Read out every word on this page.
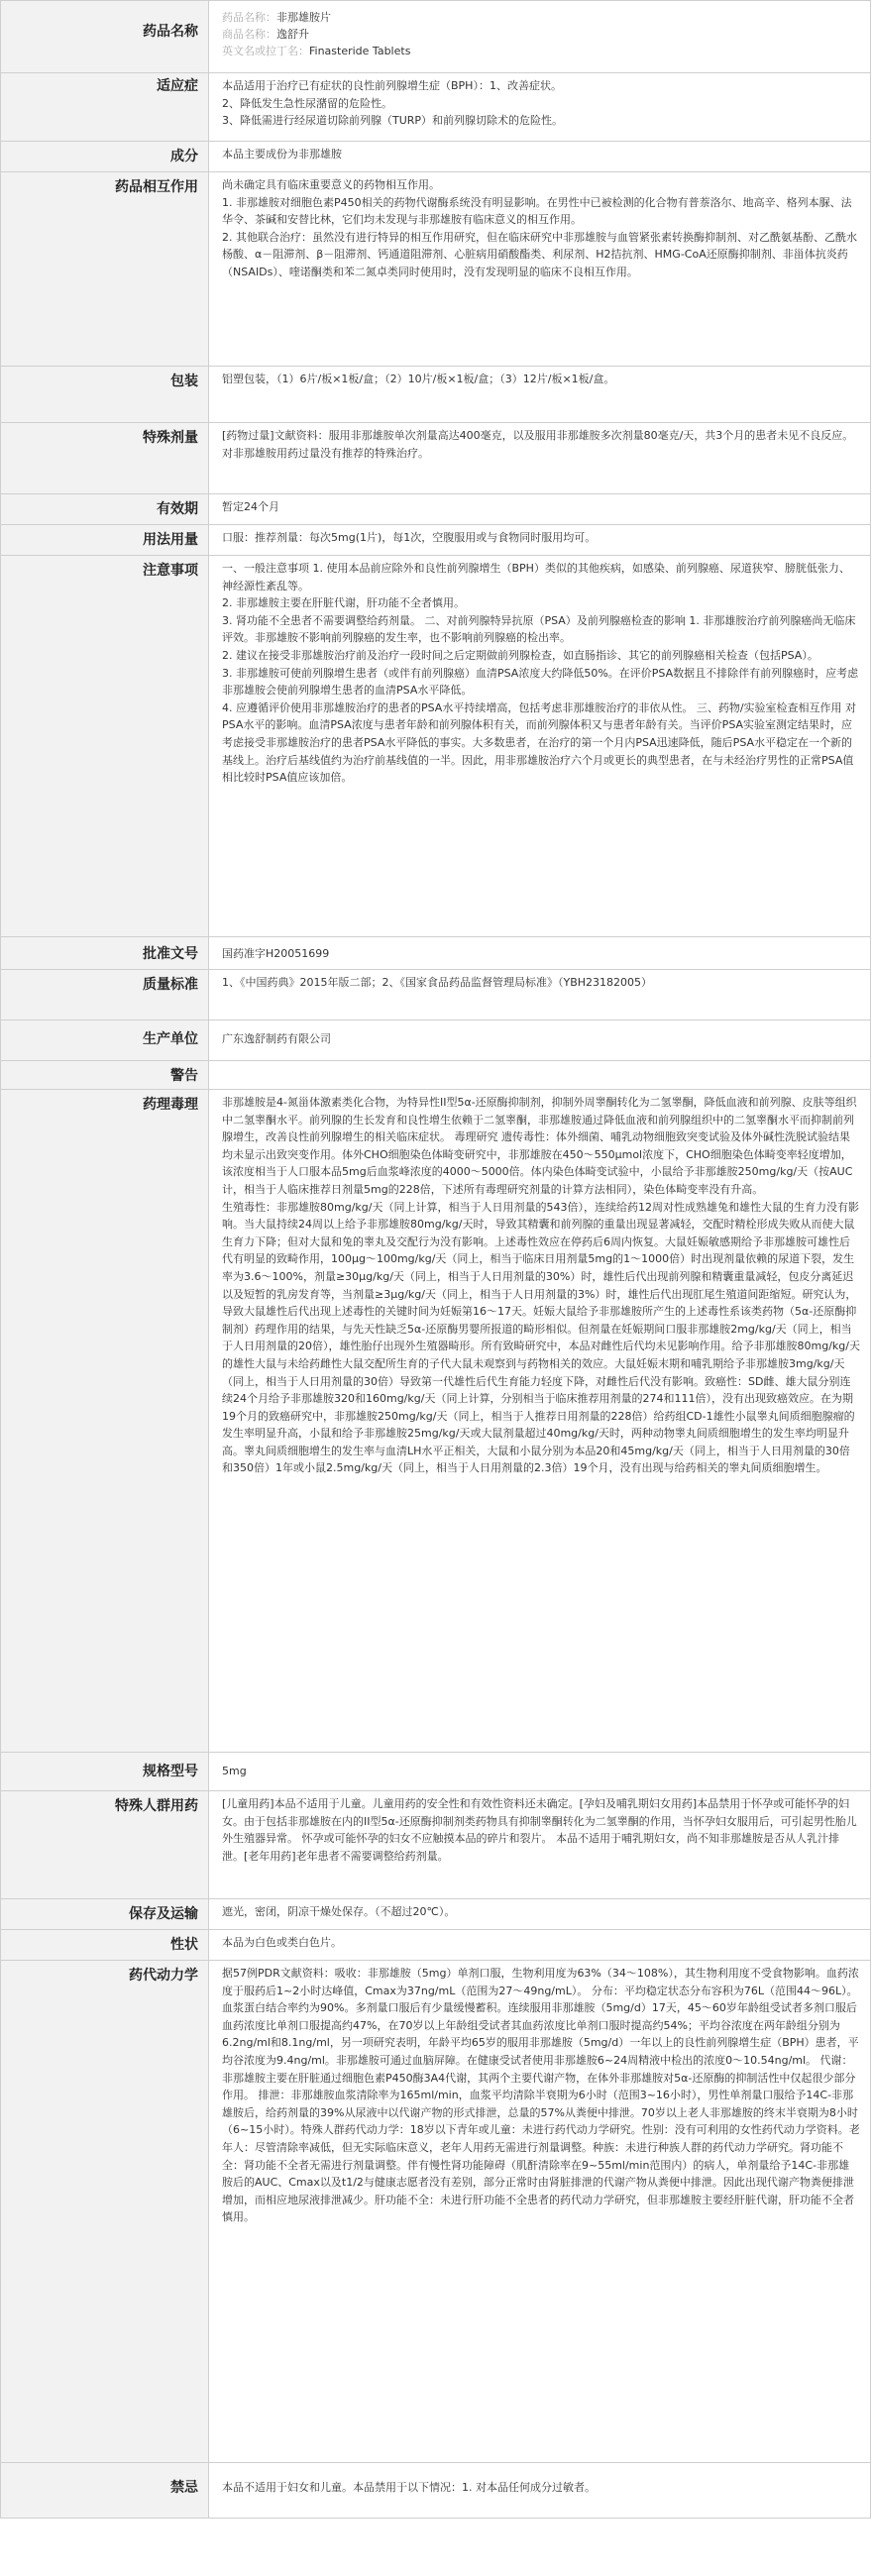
药品名称
药品名称：非那雄胺片
商品名称：逸舒升
英文名或拉丁名：Finasteride Tablets
适应症	本品适用于治疗已有症状的良性前列腺增生症（BPH）：1、改善症状。
2、降低发生急性尿潴留的危险性。
3、降低需进行经尿道切除前列腺（TURP）和前列腺切除术的危险性。

成分	本品主要成份为非那雄胺

药品相互作用	尚未确定具有临床重要意义的药物相互作用。
1. 非那雄胺对细胞色素P450相关的药物代谢酶系统没有明显影响。在男性中已被检测的化合物有普萘洛尔、地高辛、格列本脲、法华令、茶碱和安替比林，它们均未发现与非那雄胺有临床意义的相互作用。
2. 其他联合治疗：虽然没有进行特异的相互作用研究，但在临床研究中非那雄胺与血管紧张素转换酶抑制剂、对乙酰氨基酚、乙酰水杨酸、α－阻滞剂、β－阻滞剂、钙通道阻滞剂、心脏病用硝酸酯类、利尿剂、H2拮抗剂、HMG-CoA还原酶抑制剂、非甾体抗炎药（NSAIDs）、喹诺酮类和苯二氮卓类同时使用时，没有发现明显的临床不良相互作用。

包装	铝塑包装，（1）6片/板×1板/盒；（2）10片/板×1板/盒；（3）12片/板×1板/盒。

特殊剂量	[药物过量]文献资料：服用非那雄胺单次剂量高达400毫克，以及服用非那雄胺多次剂量80毫克/天，共3个月的患者未见不良反应。对非那雄胺用药过量没有推荐的特殊治疗。

有效期	暂定24个月

用法用量	口服：推荐剂量：每次5mg(1片)，每1次，空腹服用或与食物同时服用均可。

注意事项	一、一般注意事项 1. 使用本品前应除外和良性前列腺增生（BPH）类似的其他疾病，如感染、前列腺癌、尿道狭窄、膀胱低张力、神经源性紊乱等。
2. 非那雄胺主要在肝脏代谢，肝功能不全者慎用。
3. 肾功能不全患者不需要调整给药剂量。 二、对前列腺特异抗原（PSA）及前列腺癌检查的影响 1. 非那雄胺治疗前列腺癌尚无临床评效。非那雄胺不影响前列腺癌的发生率，也不影响前列腺癌的检出率。
2. 建议在接受非那雄胺治疗前及治疗一段时间之后定期做前列腺检查，如直肠指诊、其它的前列腺癌相关检查（包括PSA）。
3. 非那雄胺可使前列腺增生患者（或伴有前列腺癌）血清PSA浓度大约降低50%。在评价PSA数据且不排除伴有前列腺癌时，应考虑非那雄胺会使前列腺增生患者的血清PSA水平降低。
4. 应遵循评价使用非那雄胺治疗的患者的PSA水平持续增高，包括考虑非那雄胺治疗的非依从性。 三、药物/实验室检查相互作用 对PSA水平的影响。血清PSA浓度与患者年龄和前列腺体积有关，而前列腺体积又与患者年龄有关。当评价PSA实验室测定结果时，应考虑接受非那雄胺治疗的患者PSA水平降低的事实。大多数患者，在治疗的第一个月内PSA迅速降低，随后PSA水平稳定在一个新的基线上。治疗后基线值约为治疗前基线值的一半。因此，用非那雄胺治疗六个月或更长的典型患者，在与未经治疗男性的正常PSA值相比较时PSA值应该加倍。

批准文号	国药准字H20051699

质量标准	1、《中国药典》2015年版二部；2、《国家食品药品监督管理局标准》（YBH23182005）

生产单位	广东逸舒制药有限公司

警告

药理毒理	非那雄胺是4-氮甾体激素类化合物，为特异性II型5α-还原酶抑制剂，抑制外周睾酮转化为二氢睾酮，降低血液和前列腺、皮肤等组织中二氢睾酮水平。前列腺的生长发育和良性增生依赖于二氢睾酮，非那雄胺通过降低血液和前列腺组织中的二氢睾酮水平而抑制前列腺增生，改善良性前列腺增生的相关临床症状。 毒理研究 遗传毒性：体外细菌、哺乳动物细胞致突变试验及体外碱性洗脱试验结果均未显示出致突变作用。体外CHO细胞染色体畸变研究中，非那雄胺在450～550μmol浓度下，CHO细胞染色体畸变率轻度增加，该浓度相当于人口服本品5mg后血浆峰浓度的4000～5000倍。体内染色体畸变试验中，小鼠给予非那雄胺250mg/kg/天（按AUC计，相当于人临床推荐日剂量5mg的228倍，下述所有毒理研究剂量的计算方法相同），染色体畸变率没有升高。
生殖毒性：非那雄胺80mg/kg/天（同上计算，相当于人日用剂量的543倍），连续给药12周对性成熟雄兔和雄性大鼠的生育力没有影响。当大鼠持续24周以上给予非那雄胺80mg/kg/天时，导致其精囊和前列腺的重量出现显著减轻，交配时精栓形成失败从而使大鼠生育力下降；但对大鼠和兔的睾丸及交配行为没有影响。上述毒性效应在停药后6周内恢复。大鼠妊娠敏感期给予非那雄胺可雄性后代有明显的致畸作用，100μg～100mg/kg/天（同上，相当于临床日用剂量5mg的1～1000倍）时出现剂量依赖的尿道下裂，发生率为3.6～100%，剂量≥30μg/kg/天（同上，相当于人日用剂量的30%）时，雄性后代出现前列腺和精囊重量减轻，包皮分离延迟以及短暂的乳房发育等，当剂量≥3μg/kg/天（同上，相当于人日用剂量的3%）时，雄性后代出现肛尾生殖道间距缩短。研究认为，导致大鼠雄性后代出现上述毒性的关键时间为妊娠第16～17天。妊娠大鼠给予非那雄胺所产生的上述毒性系该类药物（5α-还原酶抑制剂）药理作用的结果，与先天性缺乏5α-还原酶男婴所报道的畸形相似。但剂量在妊娠期间口服非那雄胺2mg/kg/天（同上，相当于人日用剂量的20倍），雄性胎仔出现外生殖器畸形。所有致畸研究中，本品对雌性后代均未见影响作用。给予非那雄胺80mg/kg/天的雄性大鼠与未给药雌性大鼠交配所生育的子代大鼠未观察到与药物相关的效应。大鼠妊娠末期和哺乳期给予非那雄胺3mg/kg/天（同上，相当于人日用剂量的30倍）导致第一代雄性后代生育能力轻度下降，对雌性后代没有影响。致癌性：SD雌、雄大鼠分别连续24个月给予非那雄胺320和160mg/kg/天（同上计算，分别相当于临床推荐用剂量的274和111倍），没有出现致癌效应。在为期19个月的致癌研究中，非那雄胺250mg/kg/天（同上，相当于人推荐日用剂量的228倍）给药组CD-1雄性小鼠睾丸间质细胞腺瘤的发生率明显升高，小鼠和给予非那雄胺25mg/kg/天或大鼠剂量超过40mg/kg/天时，两种动物睾丸间质细胞增生的发生率均明显升高。睾丸间质细胞增生的发生率与血清LH水平正相关，大鼠和小鼠分别为本品20和45mg/kg/天（同上，相当于人日用剂量的30倍和350倍）1年或小鼠2.5mg/kg/天（同上，相当于人日用剂量的2.3倍）19个月，没有出现与给药相关的睾丸间质细胞增生。

规格型号	5mg

特殊人群用药	[儿童用药]本品不适用于儿童。儿童用药的安全性和有效性资料还未确定。[孕妇及哺乳期妇女用药]本品禁用于怀孕或可能怀孕的妇女。由于包括非那雄胺在内的II型5α-还原酶抑制剂类药物具有抑制睾酮转化为二氢睾酮的作用，当怀孕妇女服用后，可引起男性胎儿外生殖器异常。 怀孕或可能怀孕的妇女不应触摸本品的碎片和裂片。 本品不适用于哺乳期妇女，尚不知非那雄胺是否从人乳汁排泄。[老年用药]老年患者不需要调整给药剂量。

保存及运输	遮光，密闭，阴凉干燥处保存。（不超过20℃）。

性状	本品为白色或类白色片。

药代动力学	据57例PDR文献资料：吸收：非那雄胺（5mg）单剂口服，生物利用度为63%（34～108%），其生物利用度不受食物影响。血药浓度于服药后1~2小时达峰值，Cmax为37ng/mL（范围为27～49ng/mL）。 分布：平均稳定状态分布容积为76L（范围44～96L）。血浆蛋白结合率约为90%。多剂量口服后有少量缓慢蓄积。连续服用非那雄胺（5mg/d）17天，45～60岁年龄组受试者多剂口服后血药浓度比单剂口服提高约47%，在70岁以上年龄组受试者其血药浓度比单剂口服时提高约54%；平均谷浓度在两年龄组分别为6.2ng/ml和8.1ng/ml，另一项研究表明，年龄平均65岁的服用非那雄胺（5mg/d）一年以上的良性前列腺增生症（BPH）患者，平均谷浓度为9.4ng/ml。非那雄胺可通过血脑屏障。在健康受试者使用非那雄胺6~24周精液中检出的浓度0～10.54ng/ml。 代谢：非那雄胺主要在肝脏通过细胞色素P450酶3A4代谢，其两个主要代谢产物，在体外非那雄胺对5α-还原酶的抑制活性中仅起很少部分作用。 排泄：非那雄胺血浆清除率为165ml/min，血浆平均清除半衰期为6小时（范围3~16小时），男性单剂量口服给予14C-非那雄胺后，给药剂量的39%从尿液中以代谢产物的形式排泄，总量的57%从粪便中排泄。70岁以上老人非那雄胺的终末半衰期为8小时（6~15小时）。特殊人群药代动力学：18岁以下青年或儿童：未进行药代动力学研究。性别：没有可利用的女性药代动力学资料。老年人：尽管清除率减低，但无实际临床意义，老年人用药无需进行剂量调整。种族：未进行种族人群的药代动力学研究。肾功能不全：肾功能不全者无需进行剂量调整。伴有慢性肾功能障碍（肌酐清除率在9~55ml/min范围内）的病人，单剂量给予14C-非那雄胺后的AUC、Cmax以及t1/2与健康志愿者没有差别，部分正常时由肾脏排泄的代谢产物从粪便中排泄。因此出现代谢产物粪便排泄增加，而相应地尿液排泄减少。肝功能不全：未进行肝功能不全患者的药代动力学研究，但非那雄胺主要经肝脏代谢，肝功能不全者慎用。

禁忌	本品不适用于妇女和儿童。本品禁用于以下情况：1. 对本品任何成分过敏者。
